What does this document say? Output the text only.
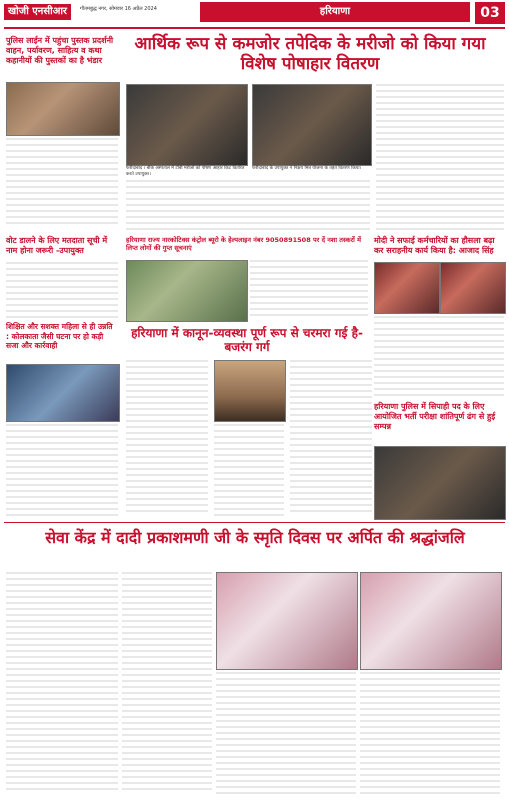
खोजी एनसीआर	गौतमबुद्ध नगर, सोमवार 16 अप्रैल 2024	हरियाणा	03
आर्थिक रूप से कमजोर तपेदिक के मरीजो को किया गया विशेष पोषाहार वितरण
पुलिस लाईन में पहुंचा पुस्तक प्रदर्शनी वाहन, पर्यावरण, साहित्य व कथा कहानीयों की पुस्तकों का है भंडार
फरीदाबाद । बीके अस्पताल में टीबी मरीजों को पोषण आहार किट वितरित करते उपायुक्त।
फरीदाबाद के उपायुक्त ने निक्षय मित्र योजना के तहत वितरण किया।
हरियाणा राज्य नारकोटिक्स कंट्रोल ब्यूरो के हेल्पलाइन नंबर 9050891508 पर दें नशा तस्करों में लिप्त लोगों की गुप्त सूचनाएं
मोदी ने सफाई कर्मचारियों का हौसला बढ़ा कर सराहनीय कार्य किया है: आजाद सिंह
वोट डालने के लिए मतदाता सूची में नाम होना जरूरी -उपायुक्त
शिक्षित और सशक्त महिला से ही उन्नति : कोलकाता जैसी घटना पर हो कड़ी सजा और कार्रवाही
हरियाणा में कानून-व्यवस्था पूर्ण रूप से चरमरा गई है- बजरंग गर्ग
हरियाणा पुलिस में सिपाही पद के लिए आयोजित भर्ती परीक्षा शांतिपूर्ण ढंग से हुई सम्पन्न
सेवा केंद्र में दादी प्रकाशमणी जी के स्मृति दिवस पर अर्पित की श्रद्धांजलि
